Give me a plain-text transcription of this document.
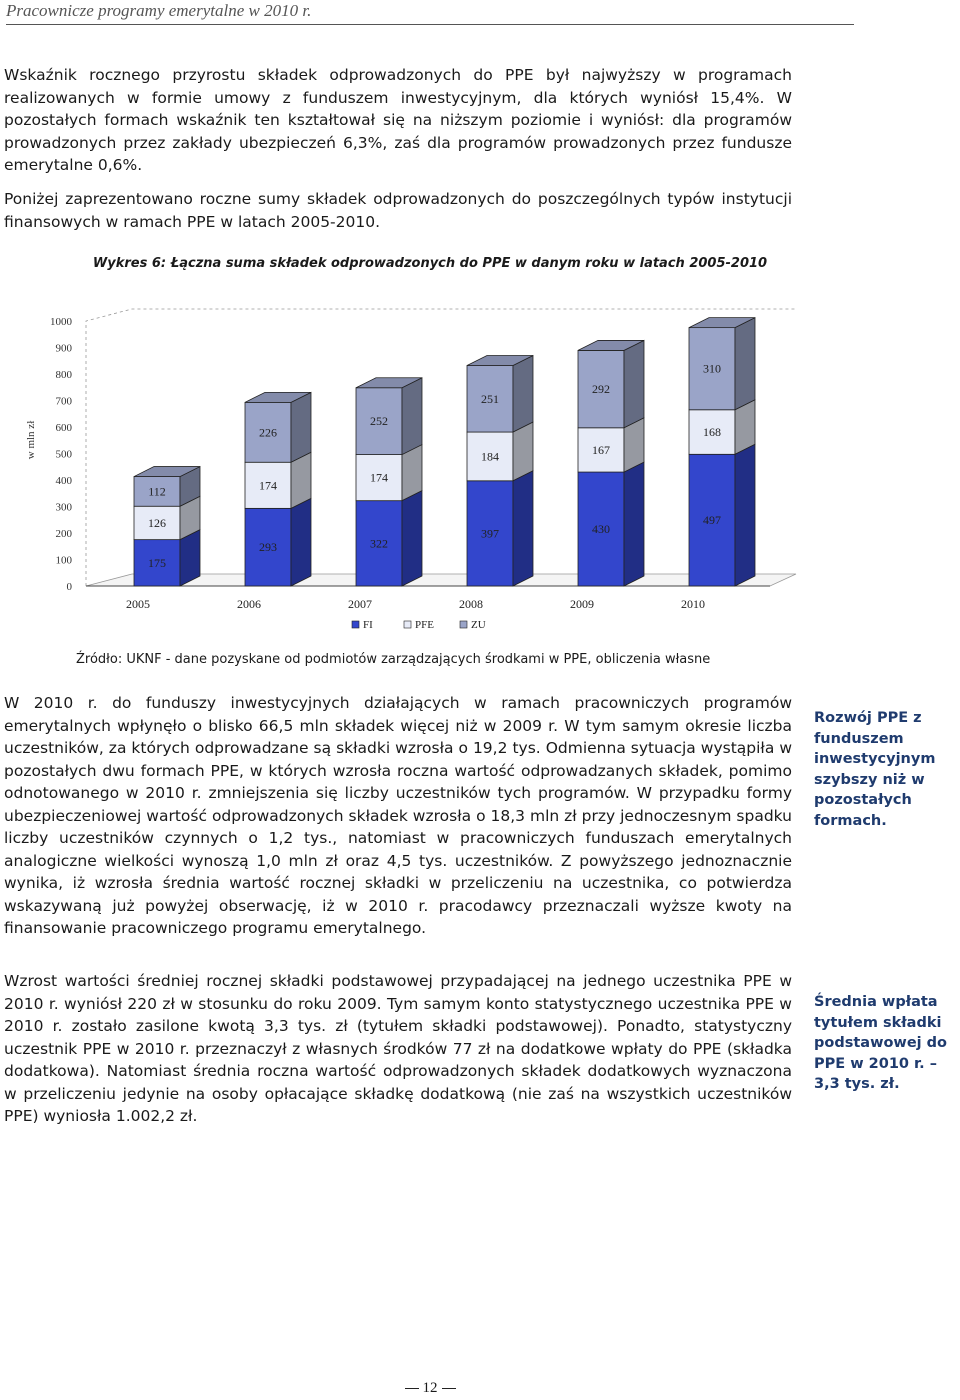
Pracownicze programy emerytalne w 2010 r.

Wskaźnik rocznego przyrostu składek odprowadzonych do PPE był najwyższy w programach realizowanych w formie umowy z funduszem inwestycyjnym, dla których wyniósł 15,4%. W pozostałych formach wskaźnik ten kształtował się na niższym poziomie i wyniósł: dla programów prowadzonych przez zakłady ubezpieczeń 6,3%, zaś dla programów prowadzonych przez fundusze emerytalne 0,6%.

Poniżej zaprezentowano roczne sumy składek odprowadzonych do poszczególnych typów instytucji finansowych w ramach PPE w latach 2005-2010.

Wykres 6: Łączna suma składek odprowadzonych do PPE w danym roku w latach 2005-2010
0
100
200
300
400
500
600
700
800
900
1000
w mln zł
175
126
112
2005
293
174
226
2006
322
174
252
2007
397
184
251
2008
430
167
292
2009
497
168
310
2010
FI	PFE	ZU
Źródło: UKNF - dane pozyskane od podmiotów zarządzających środkami w PPE, obliczenia własne

W 2010 r. do funduszy inwestycyjnych działających w ramach pracowniczych programów emerytalnych wpłynęło o blisko 66,5 mln składek więcej niż w 2009 r. W tym samym okresie liczba uczestników, za których odprowadzane są składki wzrosła o 19,2 tys. Odmienna sytuacja wystąpiła w pozostałych dwu formach PPE, w których wzrosła roczna wartość odprowadzanych składek, pomimo odnotowanego w 2010 r. zmniejszenia się liczby uczestników tych programów. W przypadku formy ubezpieczeniowej wartość odprowadzonych składek wzrosła o 18,3 mln zł przy jednoczesnym spadku liczby uczestników czynnych o 1,2 tys., natomiast w pracowniczych funduszach emerytalnych analogiczne wielkości wynoszą 1,0 mln zł oraz 4,5 tys. uczestników. Z powyższego jednoznacznie wynika, iż wzrosła średnia wartość rocznej składki w przeliczeniu na uczestnika, co potwierdza wskazywaną już powyżej obserwację, iż w 2010 r. pracodawcy przeznaczali wyższe kwoty na finansowanie pracowniczego programu emerytalnego.

Wzrost wartości średniej rocznej składki podstawowej przypadającej na jednego uczestnika PPE w 2010 r. wyniósł 220 zł w stosunku do roku 2009. Tym samym konto statystycznego uczestnika PPE w 2010 r. zostało zasilone kwotą 3,3 tys. zł (tytułem składki podstawowej). Ponadto, statystyczny uczestnik PPE w 2010 r. przeznaczył z własnych środków 77 zł na dodatkowe wpłaty do PPE (składka dodatkowa). Natomiast średnia roczna wartość odprowadzonych składek dodatkowych wyznaczona w przeliczeniu jedynie na osoby opłacające składkę dodatkową (nie zaś na wszystkich uczestników PPE) wyniosła 1.002,2 zł.

Rozwój PPE z funduszem inwestycyjnym szybszy niż w pozostałych formach.

Średnia wpłata tytułem składki podstawowej do PPE w 2010 r. – 3,3 tys. zł.

12
